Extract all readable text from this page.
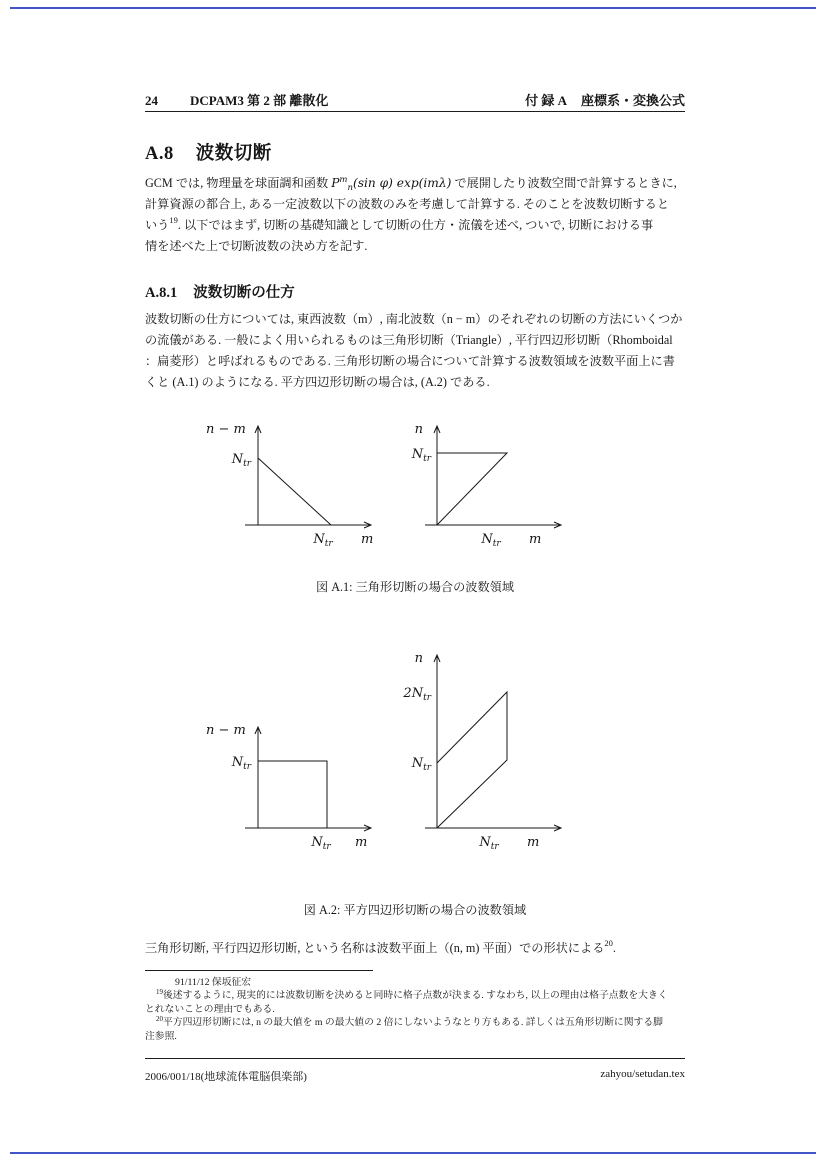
24 DCPAM3 第 2 部 離散化	付 録 A 座標系・変換公式
A.8 波数切断
GCM では, 物理量を球面調和函数 $P^m_n(\sin$ φ) exp(imλ) で展開したり波数空間で計算するときに,
計算資源の都合上, ある一定波数以下の波数のみを考慮して計算する. そのことを波数切断すると
いう$^{19}$. 以下ではまず, 切断の基礎知識として切断の仕方・流儀を述べ, ついで, 切断における事
情を述べた上で切断波数の決め方を記す.
A.8.1 波数切断の仕方
波数切断の仕方については, 東西波数（m）, 南北波数（n − m）のそれぞれの切断の方法にいくつか
の流儀がある. 一般によく用いられるものは三角形切断（Triangle）, 平行四辺形切断（Rhomboidal
：扁菱形）と呼ばれるものである. 三角形切断の場合について計算する波数領域を波数平面上に書
くと (A.1) のようになる. 平方四辺形切断の場合は, (A.2) である.
n − m
$N_{tr}$
$N_{tr}$ m
n
$N_{tr}$
$N_{tr}$ m
図 A.1: 三角形切断の場合の波数領域
n − m
$N_{tr}$
$N_{tr}$ m
n
$2N_{tr}$
$N_{tr}$
$N_{tr}$ m
図 A.2: 平方四辺形切断の場合の波数領域
三角形切断, 平行四辺形切断, という名称は波数平面上（(n, m) 平面）での形状による$^{20}$.
91/11/12 保坂征宏
$^{19}$後述するように, 現実的には波数切断を決めると同時に格子点数が決まる. すなわち, 以上の理由は格子点数を大きく
とれないことの理由でもある.
$^{20}$平方四辺形切断には, n の最大値を m の最大値の 2 倍にしないようなとり方もある. 詳しくは五角形切断に関する脚
注参照.
2006/001/18(地球流体電脳倶楽部)	zahyou/setudan.tex
